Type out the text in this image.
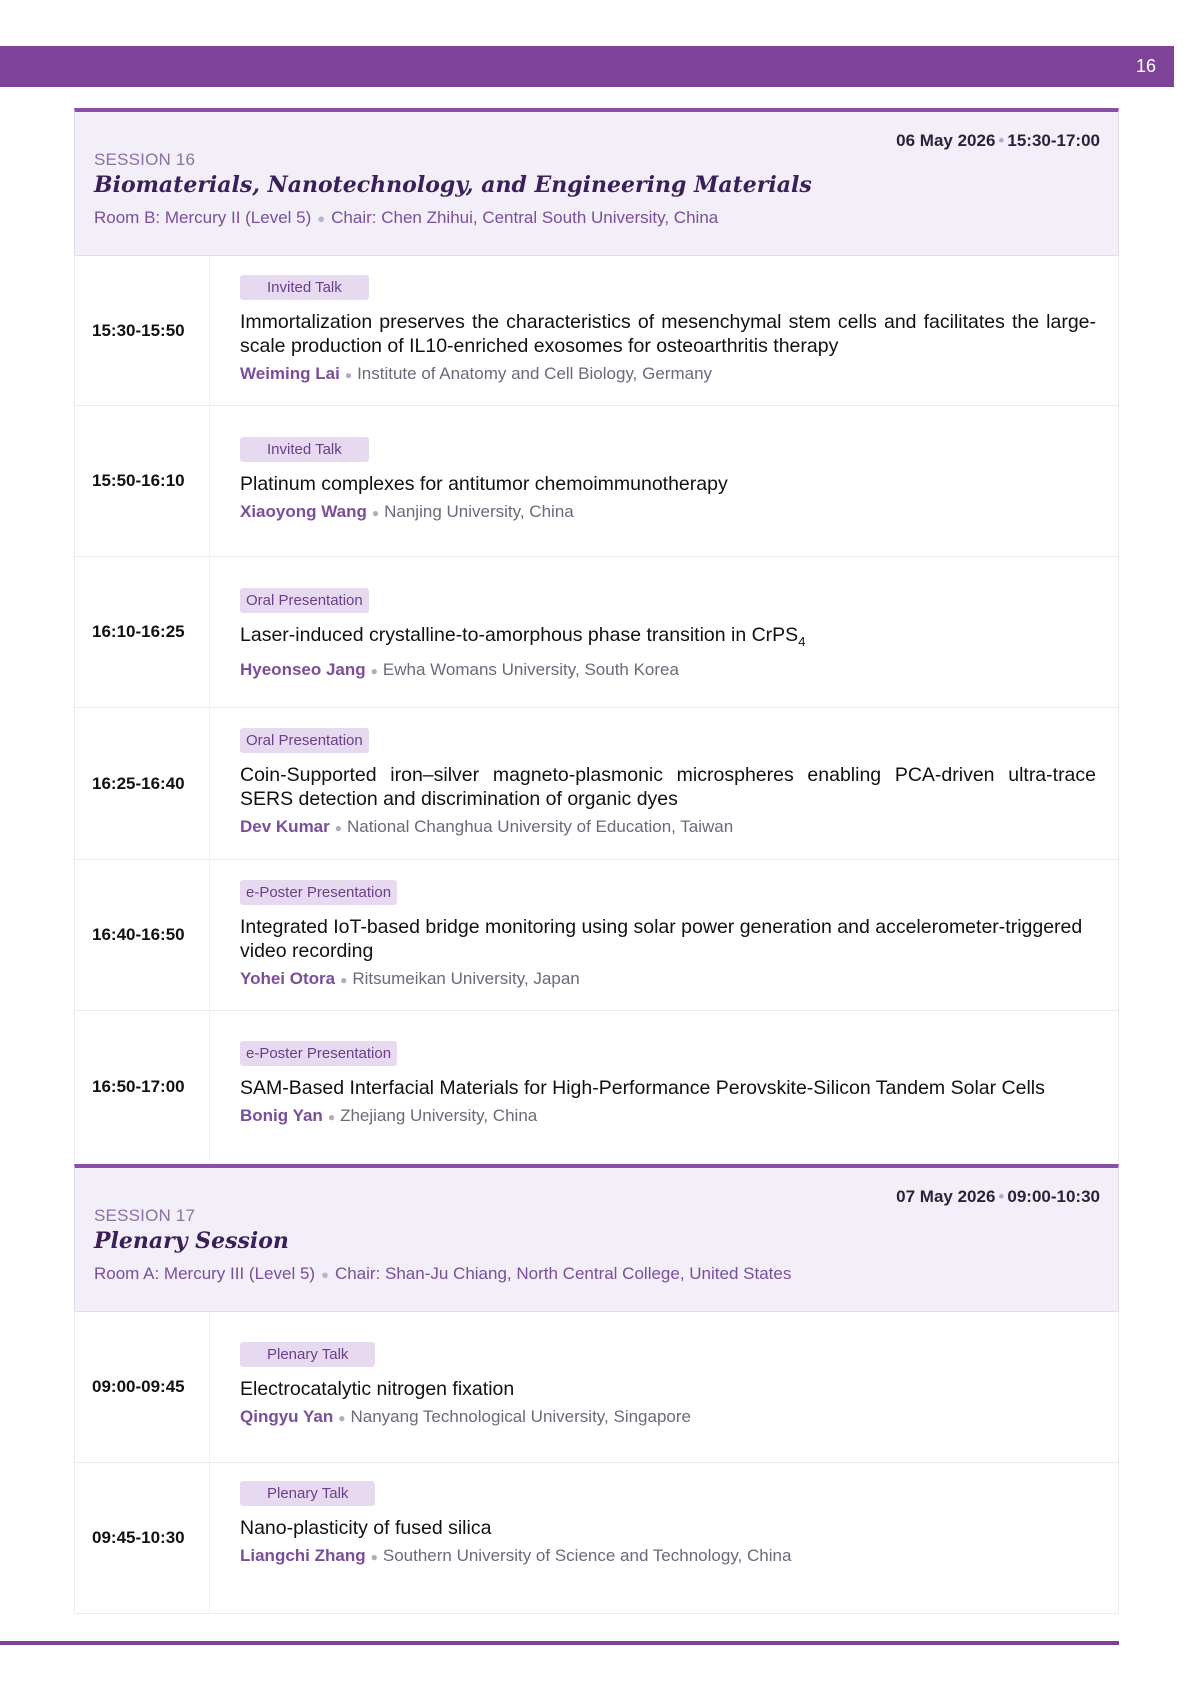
16
06 May 2026 • 15:30-17:00
SESSION 16
Biomaterials, Nanotechnology, and Engineering Materials
Room B: Mercury II (Level 5) ● Chair: Chen Zhihui, Central South University, China
15:30-15:50
Invited Talk
Immortalization preserves the characteristics of mesenchymal stem cells and facilitates the large-scale production of IL10-enriched exosomes for osteoarthritis therapy
Weiming Lai ● Institute of Anatomy and Cell Biology, Germany
15:50-16:10
Invited Talk
Platinum complexes for antitumor chemoimmunotherapy
Xiaoyong Wang ● Nanjing University, China
16:10-16:25
Oral Presentation
Laser-induced crystalline-to-amorphous phase transition in CrPS$_4$
Hyeonseo Jang ● Ewha Womans University, South Korea
16:25-16:40
Oral Presentation
Coin-Supported iron–silver magneto-plasmonic microspheres enabling PCA-driven ultra-trace SERS detection and discrimination of organic dyes
Dev Kumar ● National Changhua University of Education, Taiwan
16:40-16:50
e-Poster Presentation
Integrated IoT-based bridge monitoring using solar power generation and accelerometer-triggered video recording
Yohei Otora ● Ritsumeikan University, Japan
16:50-17:00
e-Poster Presentation
SAM-Based Interfacial Materials for High-Performance Perovskite-Silicon Tandem Solar Cells
Bonig Yan ● Zhejiang University, China
07 May 2026 • 09:00-10:30
SESSION 17
Plenary Session
Room A: Mercury III (Level 5) ● Chair: Shan-Ju Chiang, North Central College, United States
09:00-09:45
Plenary Talk
Electrocatalytic nitrogen fixation
Qingyu Yan ● Nanyang Technological University, Singapore
09:45-10:30
Plenary Talk
Nano-plasticity of fused silica
Liangchi Zhang ● Southern University of Science and Technology, China
